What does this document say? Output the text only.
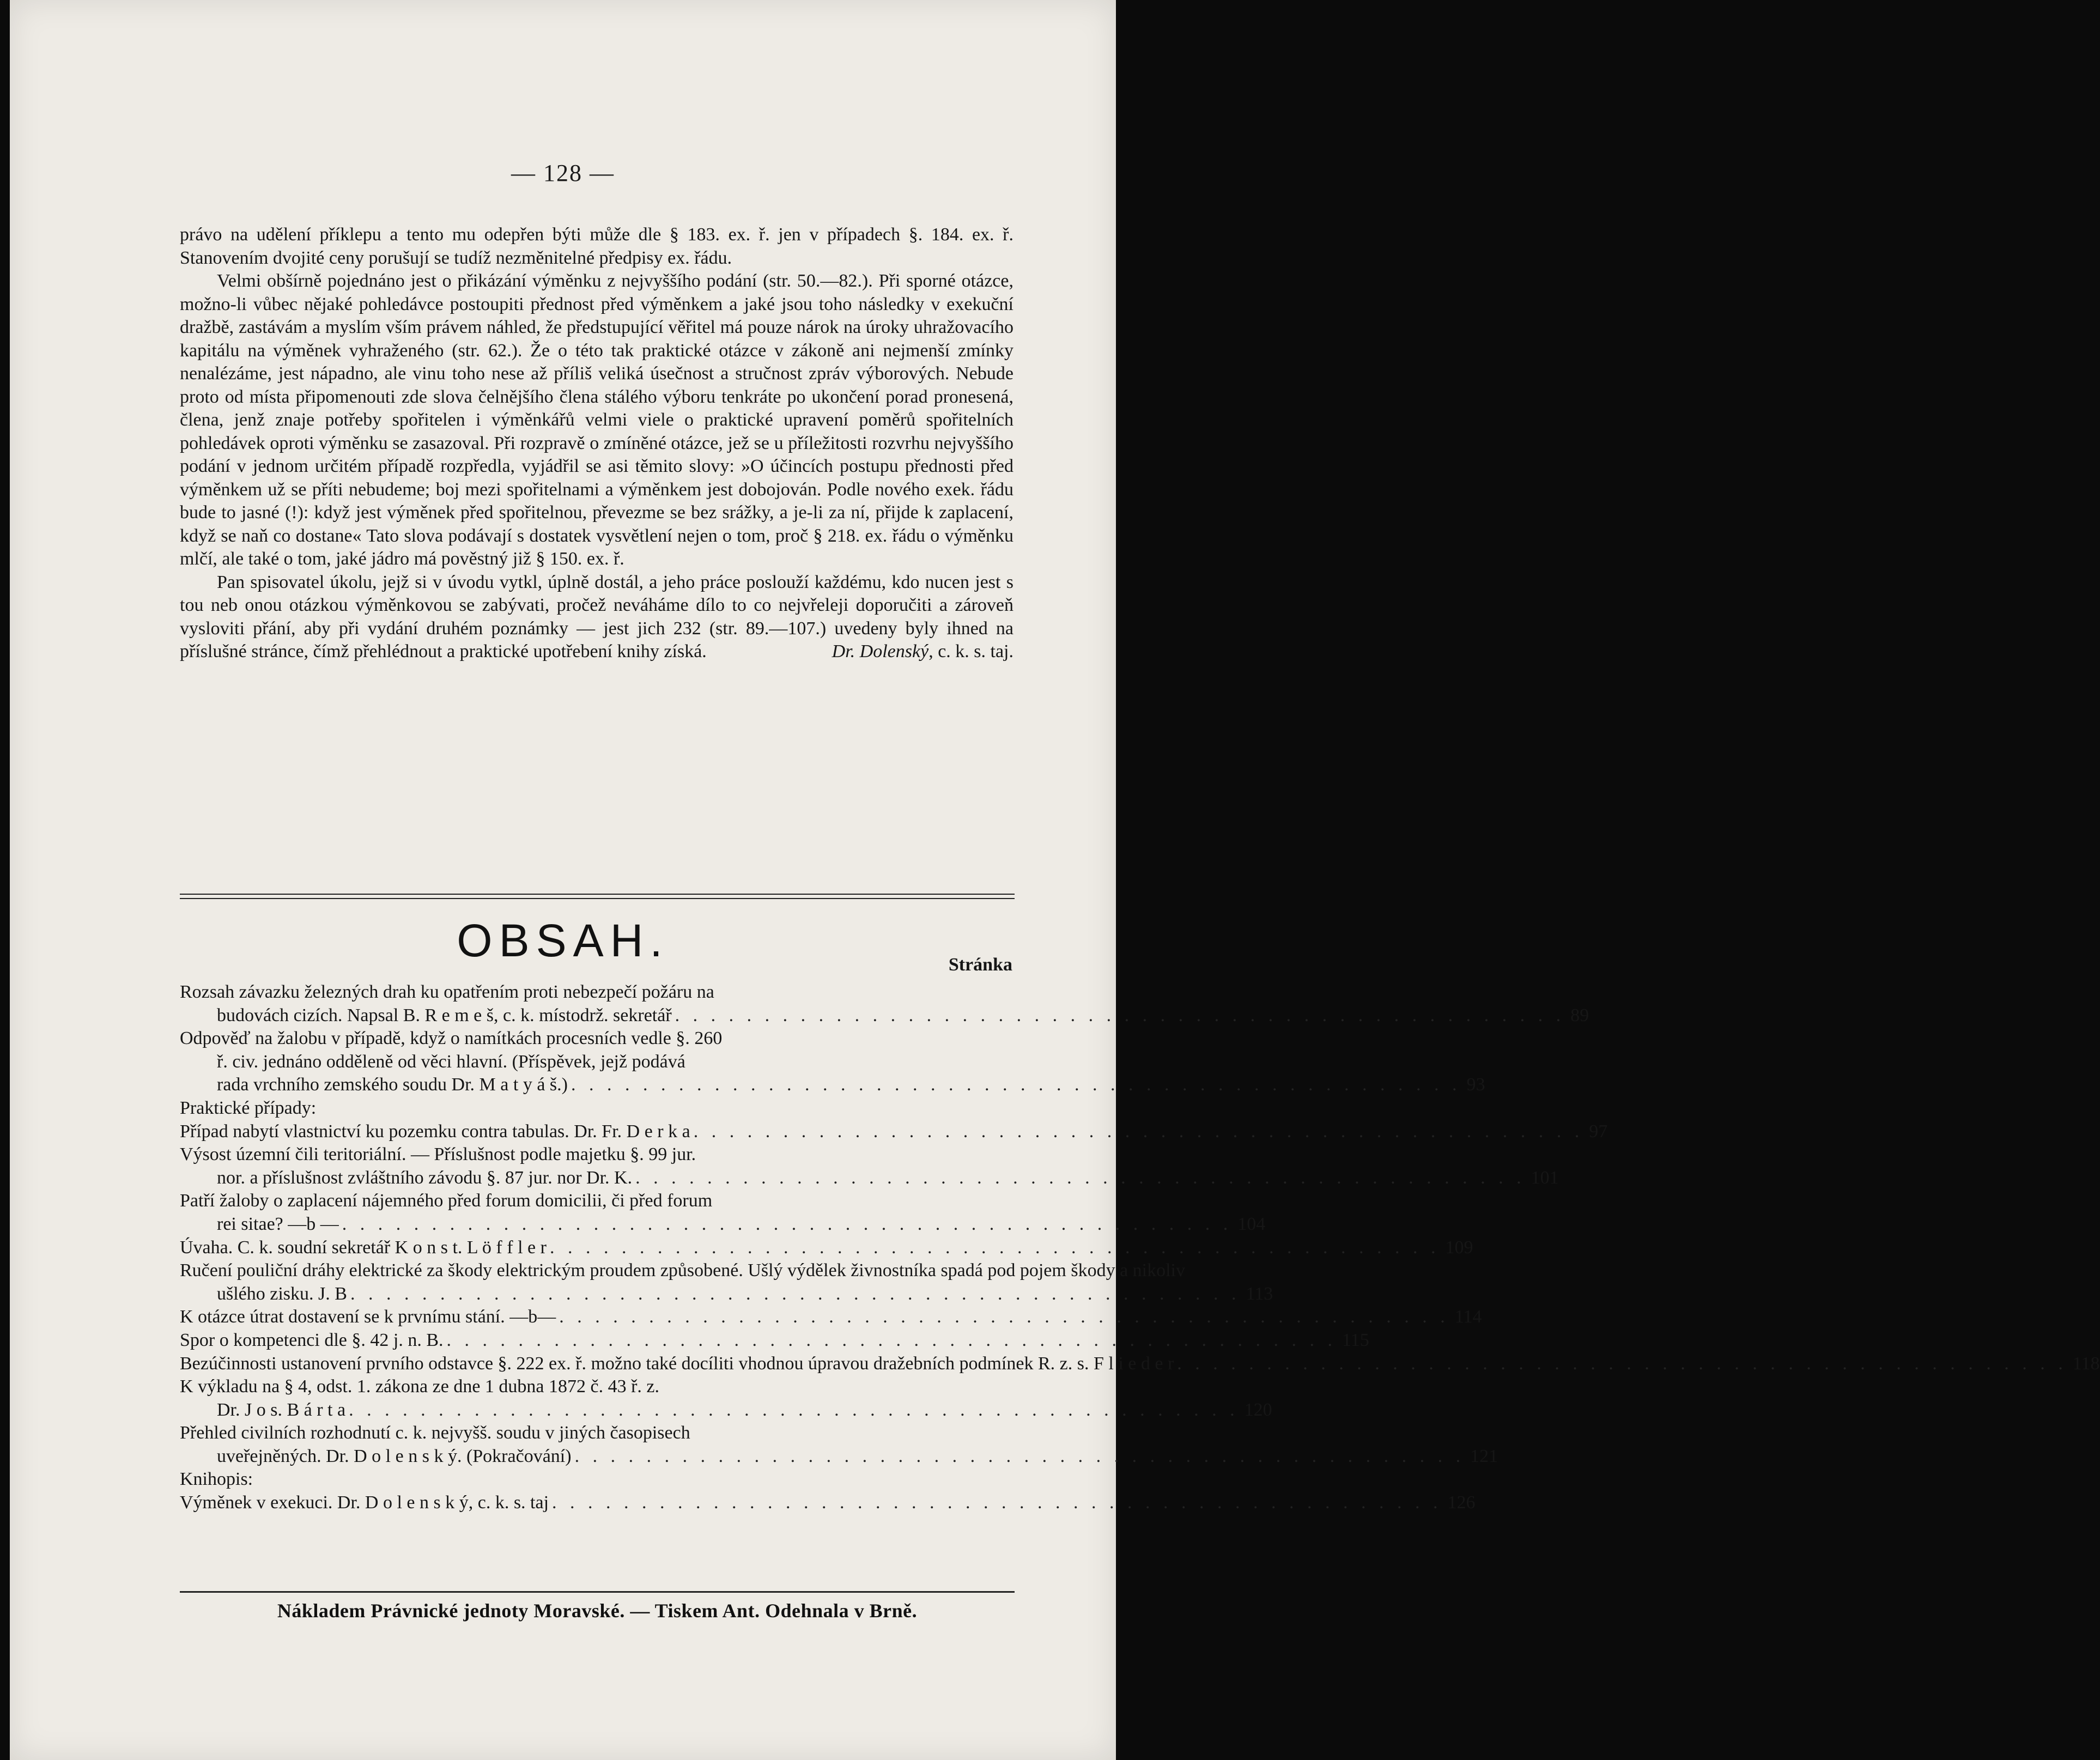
— 128 —

právo na udělení příklepu a tento mu odepřen býti může dle § 183. ex. ř. jen v případech §. 184. ex. ř. Stanovením dvojité ceny porušují se tudíž nezměnitelné předpisy ex. řádu.

Velmi obšírně pojednáno jest o přikázání výměnku z nejvyššího podání (str. 50.—82.). Při sporné otázce, možno-li vůbec nějaké pohledávce postoupiti přednost před výměnkem a jaké jsou toho následky v exekuční dražbě, zastávám a myslím vším právem náhled, že předstupující věřitel má pouze nárok na úroky uhražovacího kapitálu na výměnek vyhraženého (str. 62.). Že o této tak praktické otázce v zákoně ani nejmenší zmínky nenalézáme, jest nápadno, ale vinu toho nese až příliš veliká úsečnost a stručnost zpráv výborových. Nebude proto od místa připomenouti zde slova čelnějšího člena stálého výboru tenkráte po ukončení porad pronesená, člena, jenž znaje potřeby spořitelen i výměnkářů velmi viele o praktické upravení poměrů spořitelních pohledávek oproti výměnku se zasazoval. Při rozpravě o zmíněné otázce, jež se u příležitosti rozvrhu nejvyššího podání v jednom určitém případě rozpředla, vyjádřil se asi těmito slovy: »O účincích postupu přednosti před výměnkem už se příti nebudeme; boj mezi spořitelnami a výměnkem jest dobojován. Podle nového exek. řádu bude to jasné (!): když jest výměnek před spořitelnou, převezme se bez srážky, a je-li za ní, přijde k zaplacení, když se naň co dostane« Tato slova podávají s dostatek vysvětlení nejen o tom, proč § 218. ex. řádu o výměnku mlčí, ale také o tom, jaké jádro má pověstný již § 150. ex. ř.

Pan spisovatel úkolu, jejž si v úvodu vytkl, úplně dostál, a jeho práce poslouží každému, kdo nucen jest s tou neb onou otázkou výměnkovou se zabývati, pročež neváháme dílo to co nejvřeleji doporučiti a zároveň vysloviti přání, aby při vydání druhém poznámky — jest jich 232 (str. 89.—107.) uvedeny byly ihned na příslušné stránce, čímž přehlédnout a praktické upotřebení knihy získá.	Dr. Dolenský, c. k. s. taj.

OBSAH.	Stránka
Rozsah závazku železných drah ku opatřením proti nebezpečí požáru na
budovách cizích. Napsal B. R e m e š, c. k. místodrž. sekretář . . . . . . . . . . . . . . . . . . . . . . . . . . . . . . . . . . . . . . . . . . . . . . . . . . 89
Odpověď na žalobu v případě, když o namítkách procesních vedle §. 260
ř. civ. jednáno odděleně od věci hlavní. (Příspěvek, jejž podává
rada vrchního zemského soudu Dr. M a t y á š.) . . . . . . . . . . . . . . . . . . . . . . . . . . . . . . . . . . . . . . . . . . . . . . . . . . 93
Praktické případy:
Případ nabytí vlastnictví ku pozemku contra tabulas. Dr. Fr. D e r k a . . . . . . . . . . . . . . . . . . . . . . . . . . . . . . . . . . . . . . . . . . . . . . . . . . 97
Výsost územní čili teritoriální. — Příslušnost podle majetku §. 99 jur.
nor. a příslušnost zvláštního závodu §. 87 jur. nor Dr. K. . . . . . . . . . . . . . . . . . . . . . . . . . . . . . . . . . . . . . . . . . . . . . . . . . . 101
Patří žaloby o zaplacení nájemného před forum domicilii, či před forum
rei sitae? —b — . . . . . . . . . . . . . . . . . . . . . . . . . . . . . . . . . . . . . . . . . . . . . . . . . . 104
Úvaha. C. k. soudní sekretář K o n s t. L ö f f l e r . . . . . . . . . . . . . . . . . . . . . . . . . . . . . . . . . . . . . . . . . . . . . . . . . . 109
Ručení pouliční dráhy elektrické za škody elektrickým proudem způsobené. Ušlý výdělek živnostníka spadá pod pojem škody a nikoliv
ušlého zisku. J. B . . . . . . . . . . . . . . . . . . . . . . . . . . . . . . . . . . . . . . . . . . . . . . . . . . 113
K otázce útrat dostavení se k prvnímu stání. —b— . . . . . . . . . . . . . . . . . . . . . . . . . . . . . . . . . . . . . . . . . . . . . . . . . . 114
Spor o kompetenci dle §. 42 j. n. B. . . . . . . . . . . . . . . . . . . . . . . . . . . . . . . . . . . . . . . . . . . . . . . . . . . 115
Bezúčinnosti ustanovení prvního odstavce §. 222 ex. ř. možno také docíliti vhodnou úpravou dražebních podmínek R. z. s. F l i e d e r . . . . . . . . . . . . . . . . . . . . . . . . . . . . . . . . . . . . . . . . . . . . . . . . . . 118
K výkladu na § 4, odst. 1. zákona ze dne 1 dubna 1872 č. 43 ř. z.
Dr. J o s. B á r t a . . . . . . . . . . . . . . . . . . . . . . . . . . . . . . . . . . . . . . . . . . . . . . . . . . 120
Přehled civilních rozhodnutí c. k. nejvyšš. soudu v jiných časopisech
uveřejněných. Dr. D o l e n s k ý. (Pokračování) . . . . . . . . . . . . . . . . . . . . . . . . . . . . . . . . . . . . . . . . . . . . . . . . . . 121
Knihopis:
Výměnek v exekuci. Dr. D o l e n s k ý, c. k. s. taj . . . . . . . . . . . . . . . . . . . . . . . . . . . . . . . . . . . . . . . . . . . . . . . . . . 126
Nákladem Právnické jednoty Moravské. — Tiskem Ant. Odehnala v Brně.
